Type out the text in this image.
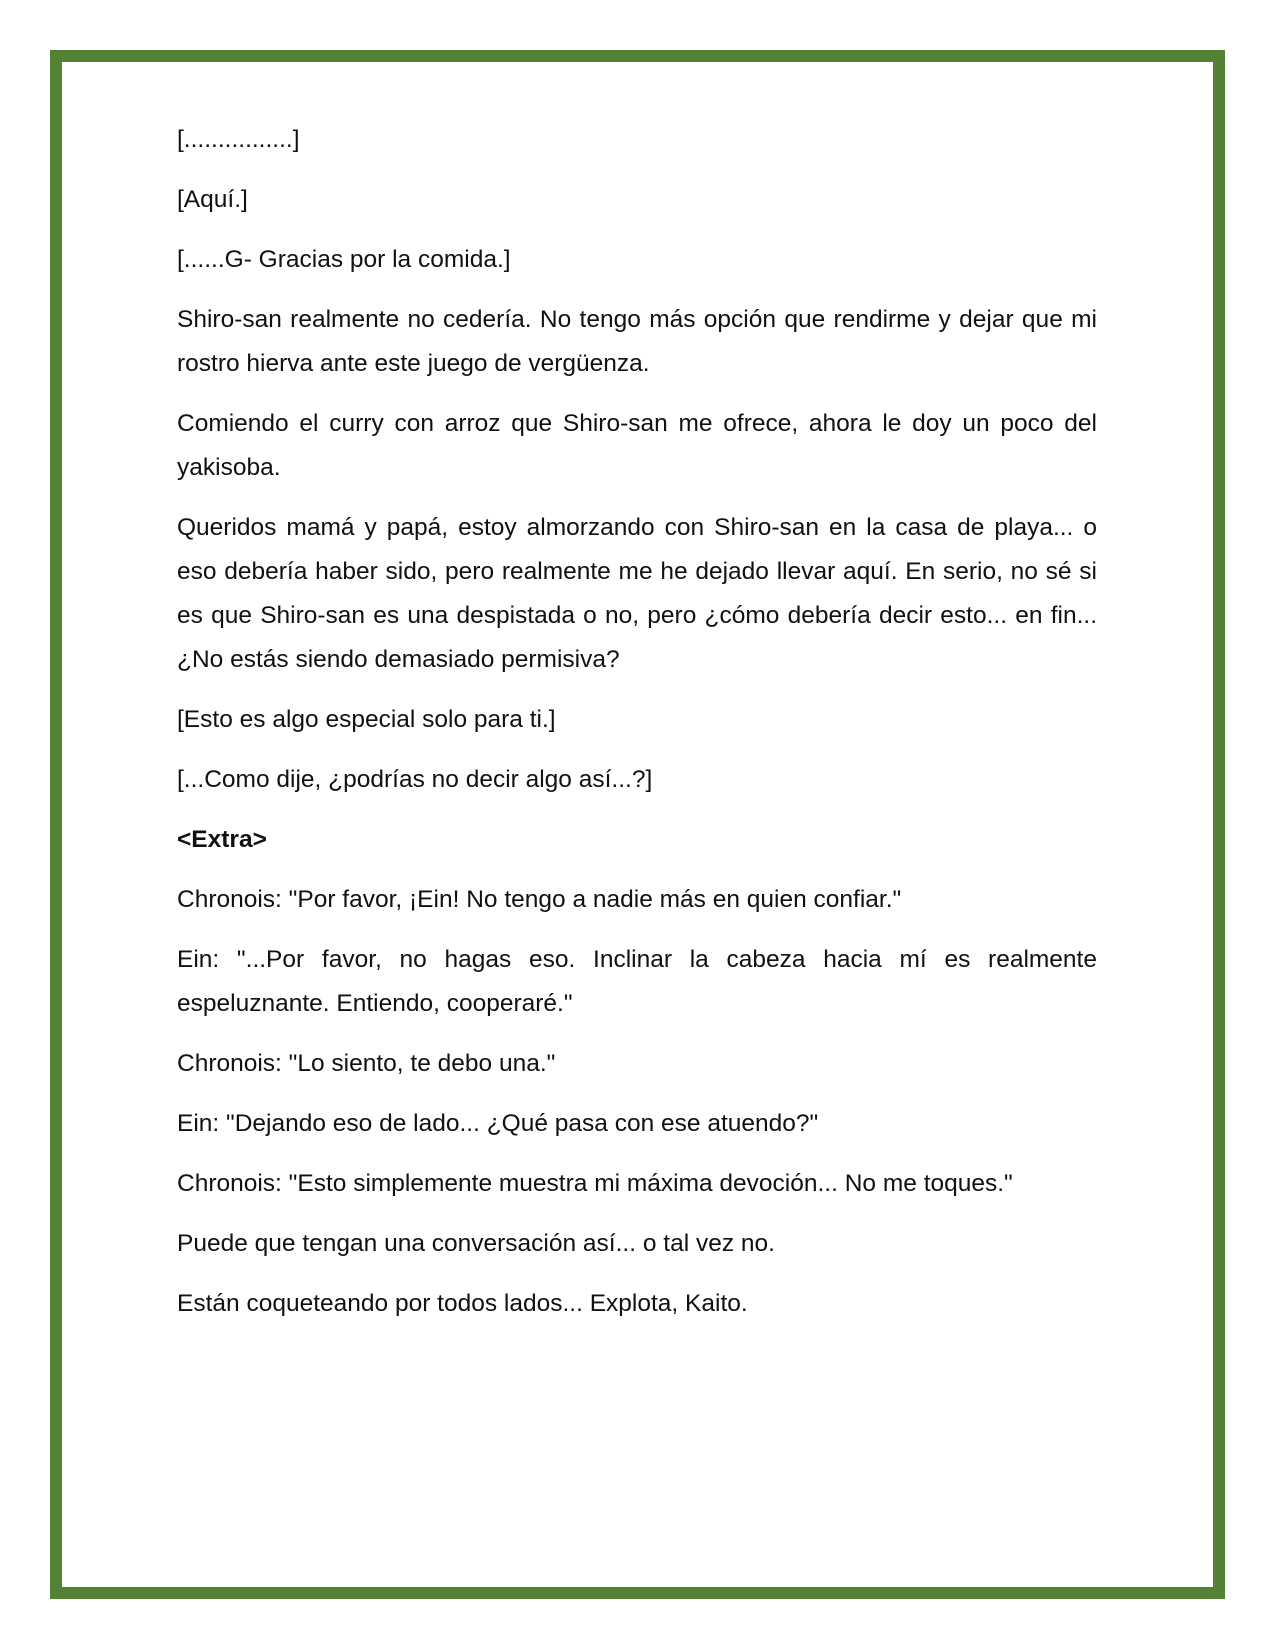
[................]

[Aquí.]

[......G- Gracias por la comida.]

Shiro-san realmente no cedería. No tengo más opción que rendirme y dejar que mi rostro hierva ante este juego de vergüenza.

Comiendo el curry con arroz que Shiro-san me ofrece, ahora le doy un poco del yakisoba.

Queridos mamá y papá, estoy almorzando con Shiro-san en la casa de playa... o eso debería haber sido, pero realmente me he dejado llevar aquí. En serio, no sé si es que Shiro-san es una despistada o no, pero ¿cómo debería decir esto... en fin... ¿No estás siendo demasiado permisiva?

[Esto es algo especial solo para ti.]

[...Como dije, ¿podrías no decir algo así...?]

<Extra>

Chronois: "Por favor, ¡Ein! No tengo a nadie más en quien confiar."

Ein: "...Por favor, no hagas eso. Inclinar la cabeza hacia mí es realmente espeluznante. Entiendo, cooperaré."

Chronois: "Lo siento, te debo una."

Ein: "Dejando eso de lado... ¿Qué pasa con ese atuendo?"

Chronois: "Esto simplemente muestra mi máxima devoción... No me toques."

Puede que tengan una conversación así... o tal vez no.

Están coqueteando por todos lados... Explota, Kaito.
